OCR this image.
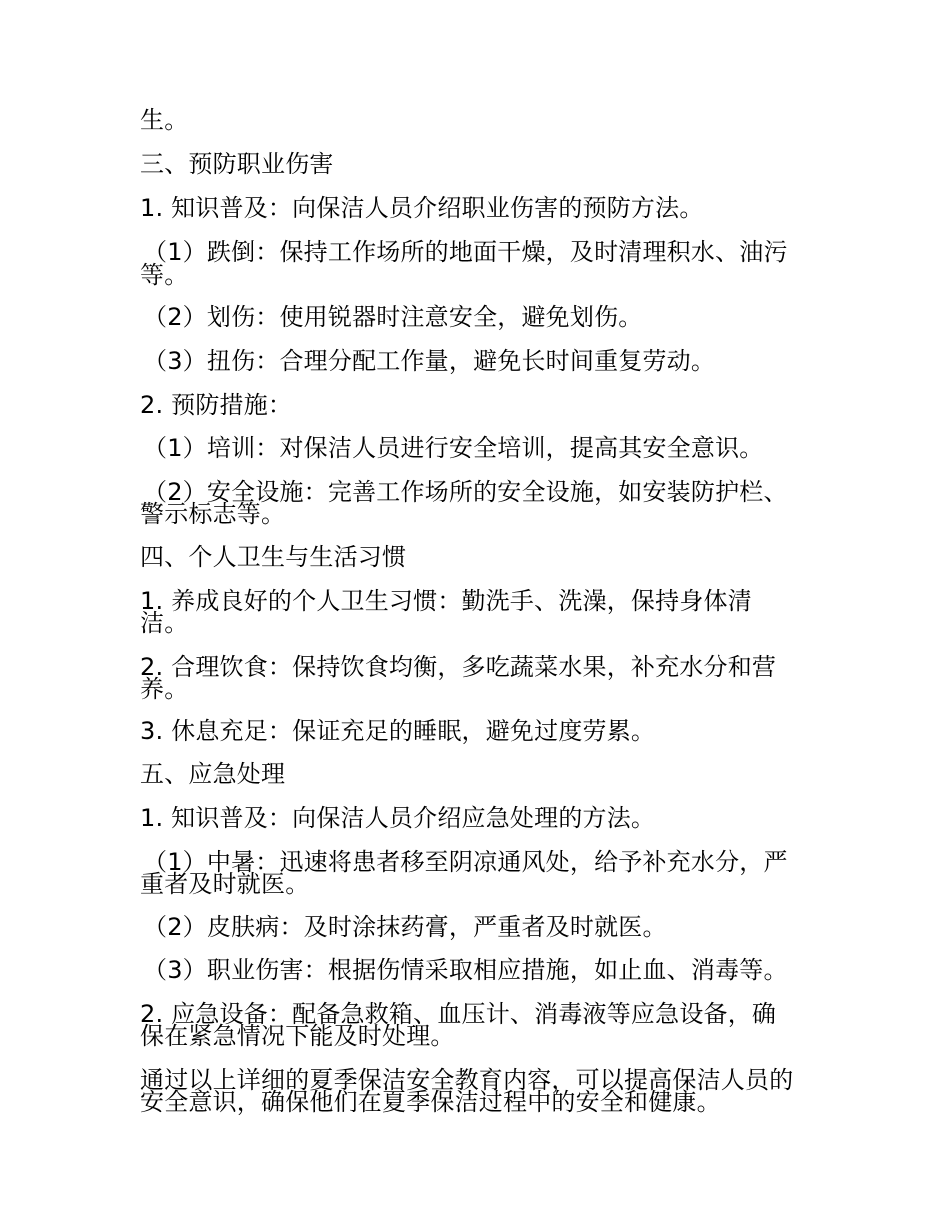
生。

三、预防职业伤害

1. 知识普及：向保洁人员介绍职业伤害的预防方法。

（1）跌倒：保持工作场所的地面干燥，及时清理积水、油污

等。

（2）划伤：使用锐器时注意安全，避免划伤。

（3）扭伤：合理分配工作量，避免长时间重复劳动。

2. 预防措施：

（1）培训：对保洁人员进行安全培训，提高其安全意识。

（2）安全设施：完善工作场所的安全设施，如安装防护栏、

警示标志等。

四、个人卫生与生活习惯

1. 养成良好的个人卫生习惯：勤洗手、洗澡，保持身体清

洁。

2. 合理饮食：保持饮食均衡，多吃蔬菜水果，补充水分和营

养。

3. 休息充足：保证充足的睡眠，避免过度劳累。

五、应急处理

1. 知识普及：向保洁人员介绍应急处理的方法。

（1）中暑：迅速将患者移至阴凉通风处，给予补充水分，严

重者及时就医。

（2）皮肤病：及时涂抹药膏，严重者及时就医。

（3）职业伤害：根据伤情采取相应措施，如止血、消毒等。

2. 应急设备：配备急救箱、血压计、消毒液等应急设备，确

保在紧急情况下能及时处理。

通过以上详细的夏季保洁安全教育内容，可以提高保洁人员的

安全意识，确保他们在夏季保洁过程中的安全和健康。
